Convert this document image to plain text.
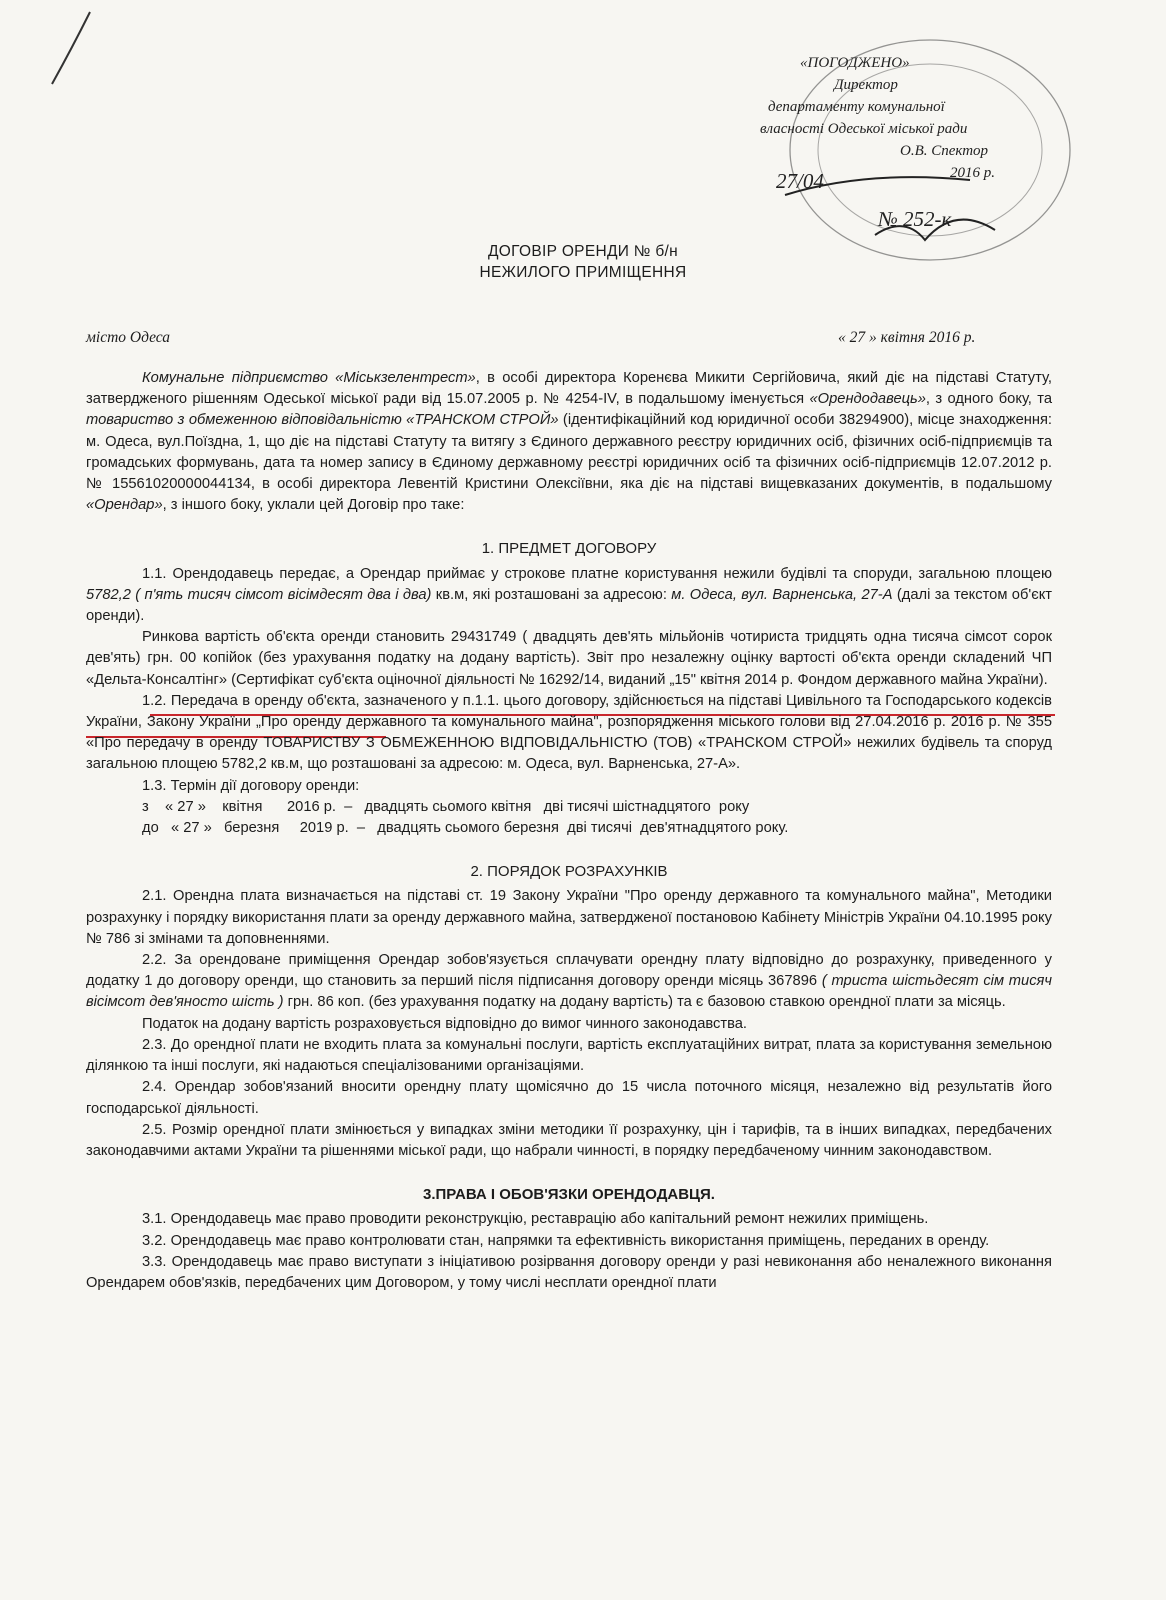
«ПОГОДЖЕНО»
Директор
департаменту комунальної
власності Одеської міської ради
О.В. Спектор
2016 р.
27/04
№ 252-к
ДОГОВІР ОРЕНДИ № б/н
НЕЖИЛОГО ПРИМІЩЕННЯ
місто Одеса	« 27 » квітня 2016 р.

Комунальне підприємство «Міськзелентрест», в особі директора Коренєва Микити Сергійовича, який діє на підставі Статуту, затвердженого рішенням Одеської міської ради від 15.07.2005 р. № 4254-IV, в подальшому іменується «Орендодавець», з одного боку, та товариство з обмеженною відповідальністю «ТРАНСКОМ СТРОЙ» (ідентифікаційний код юридичної особи 38294900), місце знаходження: м. Одеса, вул.Поїздна, 1, що діє на підставі Статуту та витягу з Єдиного державного реєстру юридичних осіб, фізичних осіб-підприємців та громадських формувань, дата та номер запису в Єдиному державному реєстрі юридичних осіб та фізичних осіб-підприємців 12.07.2012 р. № 15561020000044134, в особі директора Левентій Кристини Олексіївни, яка діє на підставі вищевказаних документів, в подальшому «Орендар», з іншого боку, уклали цей Договір про таке:

1. ПРЕДМЕТ ДОГОВОРУ

1.1. Орендодавець передає, а Орендар приймає у строкове платне користування нежили будівлі та споруди, загальною площею 5782,2 ( п'ять тисяч сімсот вісімдесят два і два) кв.м, які розташовані за адресою: м. Одеса, вул. Варненська, 27-А (далі за текстом об'єкт оренди).

Ринкова вартість об'єкта оренди становить 29431749 ( двадцять дев'ять мільйонів чотириста тридцять одна тисяча сімсот сорок дев'ять) грн. 00 копійок (без урахування податку на додану вартість). Звіт про незалежну оцінку вартості об'єкта оренди складений ЧП «Дельта-Консалтінг» (Сертифікат суб'єкта оціночної діяльності № 16292/14, виданий „15" квітня 2014 р. Фондом державного майна України).

1.2. Передача в оренду об'єкта, зазначеного у п.1.1. цього договору, здійснюється на підставі Цивільного та Господарського кодексів України, Закону України „Про оренду державного та комунального майна", розпорядження міського голови від 27.04.2016 р. 2016 р. № 355 «Про передачу в оренду ТОВАРИСТВУ З ОБМЕЖЕННОЮ ВІДПОВІДАЛЬНІСТЮ (ТОВ) «ТРАНСКОМ СТРОЙ» нежилих будівель та споруд загальною площею 5782,2 кв.м, що розташовані за адресою: м. Одеса, вул. Варненська, 27-А».

1.3. Термін дії договору оренди:

з    « 27 »    квітня      2016 р.  –   двадцять сьомого квітня   дві тисячі шістнадцятого  року

до   « 27 »   березня     2019 р.  –   двадцять сьомого березня  дві тисячі  дев'ятнадцятого року.

2. ПОРЯДОК РОЗРАХУНКІВ

2.1. Орендна плата визначається на підставі ст. 19 Закону України "Про оренду державного та комунального майна", Методики розрахунку і порядку використання плати за оренду державного майна, затвердженої постановою Кабінету Міністрів України 04.10.1995 року № 786 зі змінами та доповненнями.

2.2. За орендоване приміщення Орендар зобов'язується сплачувати орендну плату відповідно до розрахунку, приведенного у додатку 1 до договору оренди, що становить за перший після підписання договору оренди місяць 367896 ( триста шістьдесят сім тисяч вісімсот дев'яносто шість ) грн. 86 коп. (без урахування податку на додану вартість) та є базовою ставкою орендної плати за місяць.

Податок на додану вартість розраховується відповідно до вимог чинного законодавства.

2.3. До орендної плати не входить плата за комунальні послуги, вартість експлуатаційних витрат, плата за користування земельною ділянкою та інші послуги, які надаються спеціалізованими організаціями.

2.4. Орендар зобов'язаний вносити орендну плату щомісячно до 15 числа поточного місяця, незалежно від результатів його господарської діяльності.

2.5. Розмір орендної плати змінюється у випадках зміни методики її розрахунку, цін і тарифів, та в інших випадках, передбачених законодавчими актами України та рішеннями міської ради, що набрали чинності, в порядку передбаченому чинним законодавством.

3.ПРАВА І ОБОВ'ЯЗКИ ОРЕНДОДАВЦЯ.

3.1. Орендодавець має право проводити реконструкцію, реставрацію або капітальний ремонт нежилих приміщень.

3.2. Орендодавець має право контролювати стан, напрямки та ефективність використання приміщень, переданих в оренду.

3.3. Орендодавець має право виступати з ініціативою розірвання договору оренди у разі невиконання або неналежного виконання Орендарем обов'язків, передбачених цим Договором, у тому числі несплати орендної плати
